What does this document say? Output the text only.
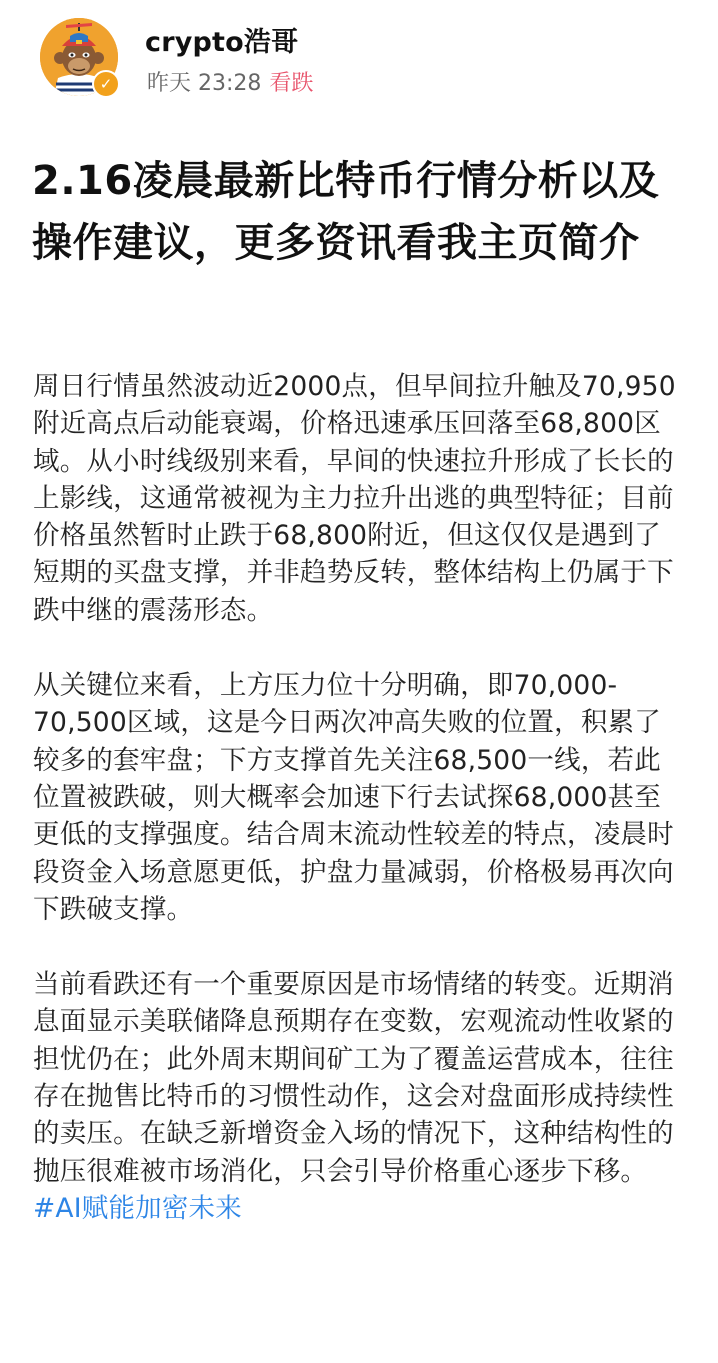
✓
crypto浩哥
昨天 23:28 看跌
2.16凌晨最新比特币行情分析以及操作建议，更多资讯看我主页简介

周日行情虽然波动近2000点，但早间拉升触及70,950附近高点后动能衰竭，价格迅速承压回落至68,800区域。从小时线级别来看，早间的快速拉升形成了长长的上影线，这通常被视为主力拉升出逃的典型特征；目前价格虽然暂时止跌于68,800附近，但这仅仅是遇到了短期的买盘支撑，并非趋势反转，整体结构上仍属于下跌中继的震荡形态。

从关键位来看，上方压力位十分明确，即70,000-70,500区域，这是今日两次冲高失败的位置，积累了较多的套牢盘；下方支撑首先关注68,500一线，若此位置被跌破，则大概率会加速下行去试探68,000甚至更低的支撑强度。结合周末流动性较差的特点，凌晨时段资金入场意愿更低，护盘力量减弱，价格极易再次向下跌破支撑。

当前看跌还有一个重要原因是市场情绪的转变。近期消息面显示美联储降息预期存在变数，宏观流动性收紧的担忧仍在；此外周末期间矿工为了覆盖运营成本，往往存在抛售比特币的习惯性动作，这会对盘面形成持续性的卖压。在缺乏新增资金入场的情况下，这种结构性的抛压很难被市场消化，只会引导价格重心逐步下移。#AI赋能加密未来
